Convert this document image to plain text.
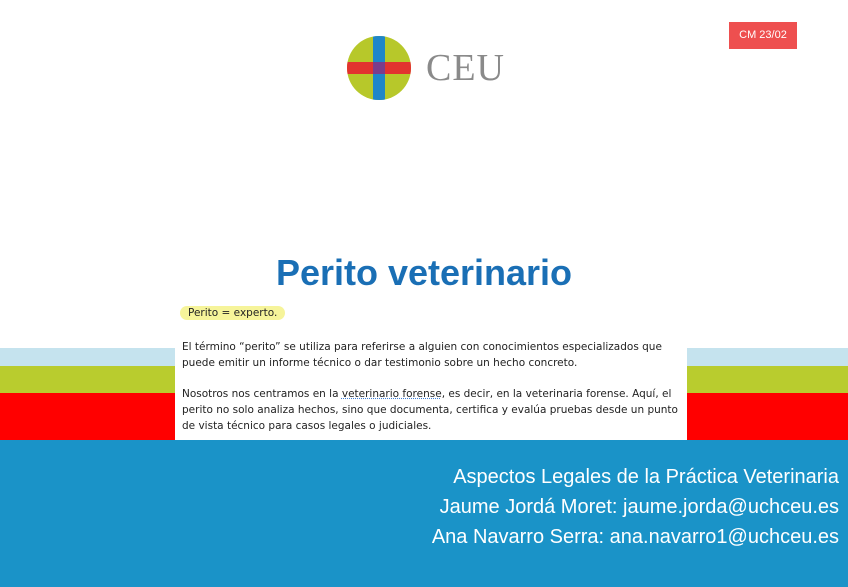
CM 23/02
CEU
Perito veterinario
Perito = experto.

El término “perito” se utiliza para referirse a alguien con conocimientos especializados que puede emitir un informe técnico o dar testimonio sobre un hecho concreto.

Nosotros nos centramos en la veterinario forense, es decir, en la veterinaria forense. Aquí, el perito no solo analiza hechos, sino que documenta, certifica y evalúa pruebas desde un punto de vista técnico para casos legales o judiciales.

Aspectos Legales de la Práctica Veterinaria
Jaume Jordá Moret: jaume.jorda@uchceu.es
Ana Navarro Serra: ana.navarro1@uchceu.es
